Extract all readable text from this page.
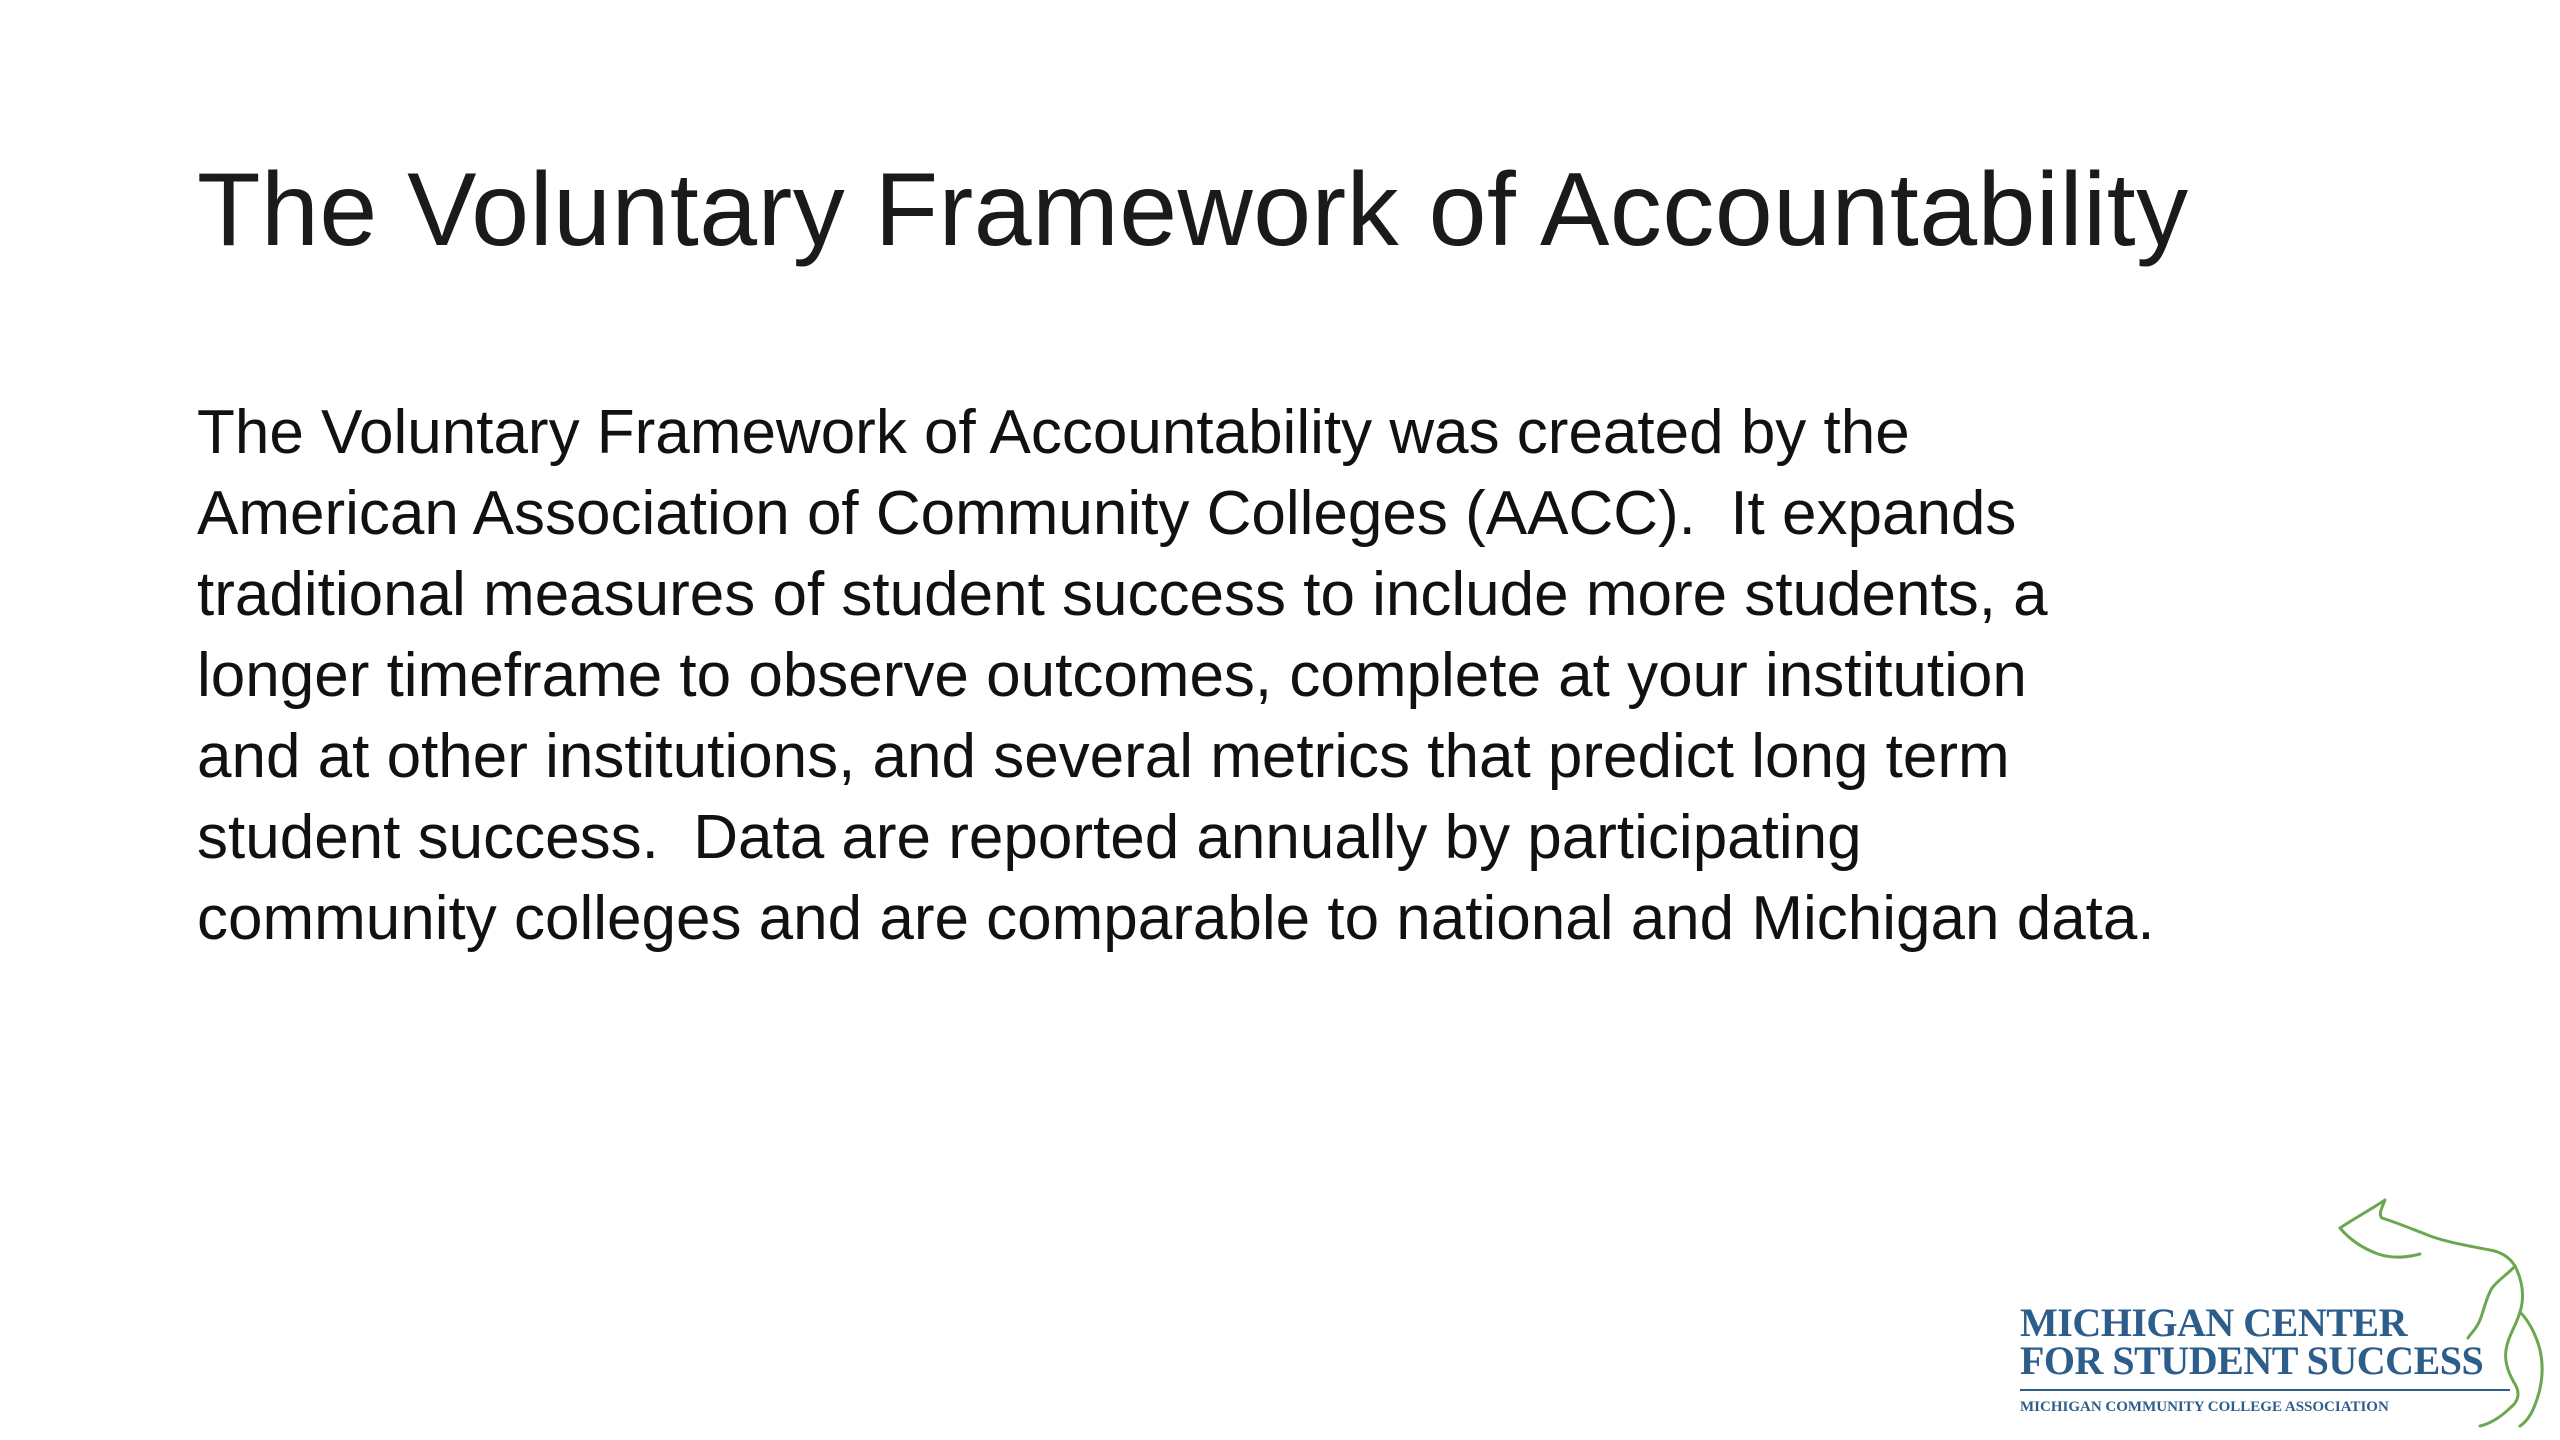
The Voluntary Framework of Accountability
The Voluntary Framework of Accountability was created by the
American Association of Community Colleges (AACC).  It expands
traditional measures of student success to include more students, a
longer timeframe to observe outcomes, complete at your institution
and at other institutions, and several metrics that predict long term
student success.  Data are reported annually by participating
community colleges and are comparable to national and Michigan data.
MICHIGAN CENTER
FOR STUDENT SUCCESS
MICHIGAN COMMUNITY COLLEGE ASSOCIATION
